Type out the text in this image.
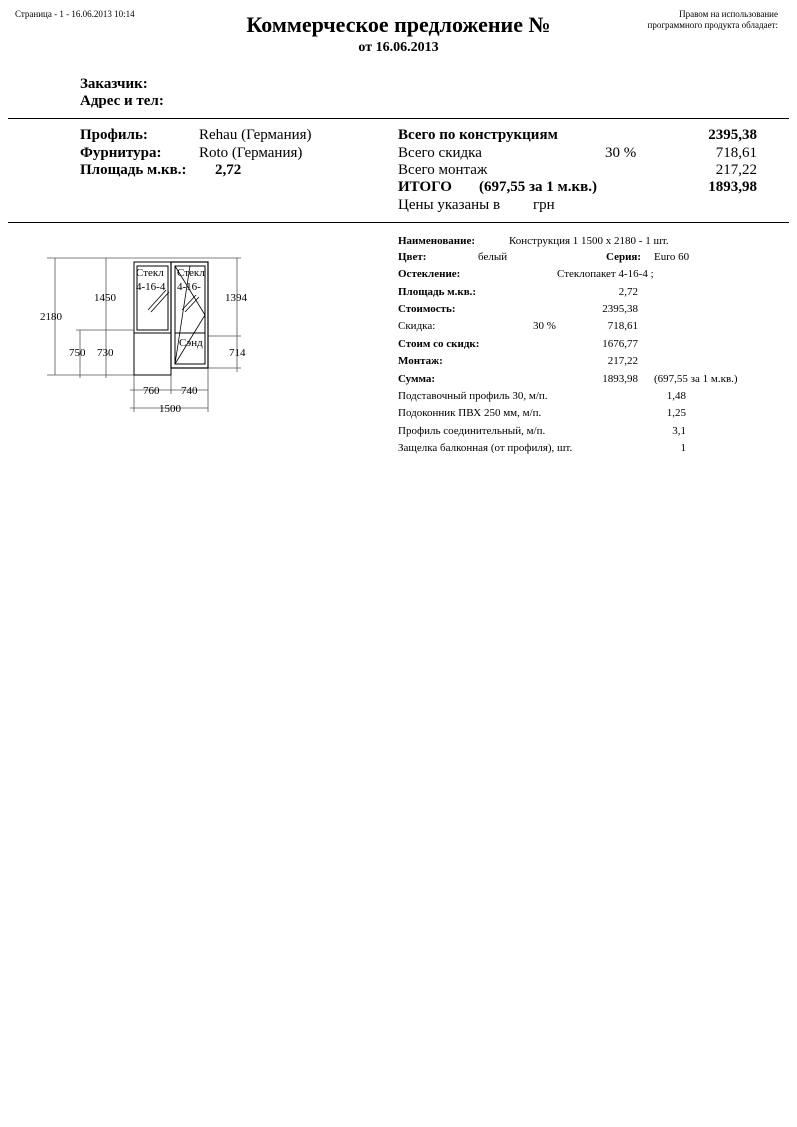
Страница - 1 - 16.06.2013 10:14	Коммерческое предложение №
от 16.06.2013
Правом на использование
программного продукта обладает:
Заказчик:
Адрес и тел:
Профиль:	Rehau (Германия)
Фурнитура: Roto (Германия)
Площадь м.кв.: 2,72
Всего по конструкциям	2395,38
Всего скидка	30 %	718,61
Всего монтаж	217,22
ИТОГО (697,55 за 1 м.кв.)	1893,98
Цены указаны в грн
2180
1450
750 730
1394
714
760 740
1500
Стекл
4-16-4
Стекл
4-16-
Сэнд
Наименование:	Конструкция 1 1500 x 2180 - 1 шт.
Цвет:	белый	Серия: Euro 60
Остекление:	Стеклопакет 4-16-4 ;
Площадь м.кв.:	2,72
Стоимость:	2395,38
Скидка:	30 %	718,61
Стоим со скидк:	1676,77
Монтаж:	217,22
Сумма:	1893,98 (697,55 за 1 м.кв.)
Подставочный профиль 30, м/п.	1,48
Подоконник ПВХ 250 мм, м/п.	1,25
Профиль соединительный, м/п.	3,1
Защелка балконная (от профиля), шт.	1
